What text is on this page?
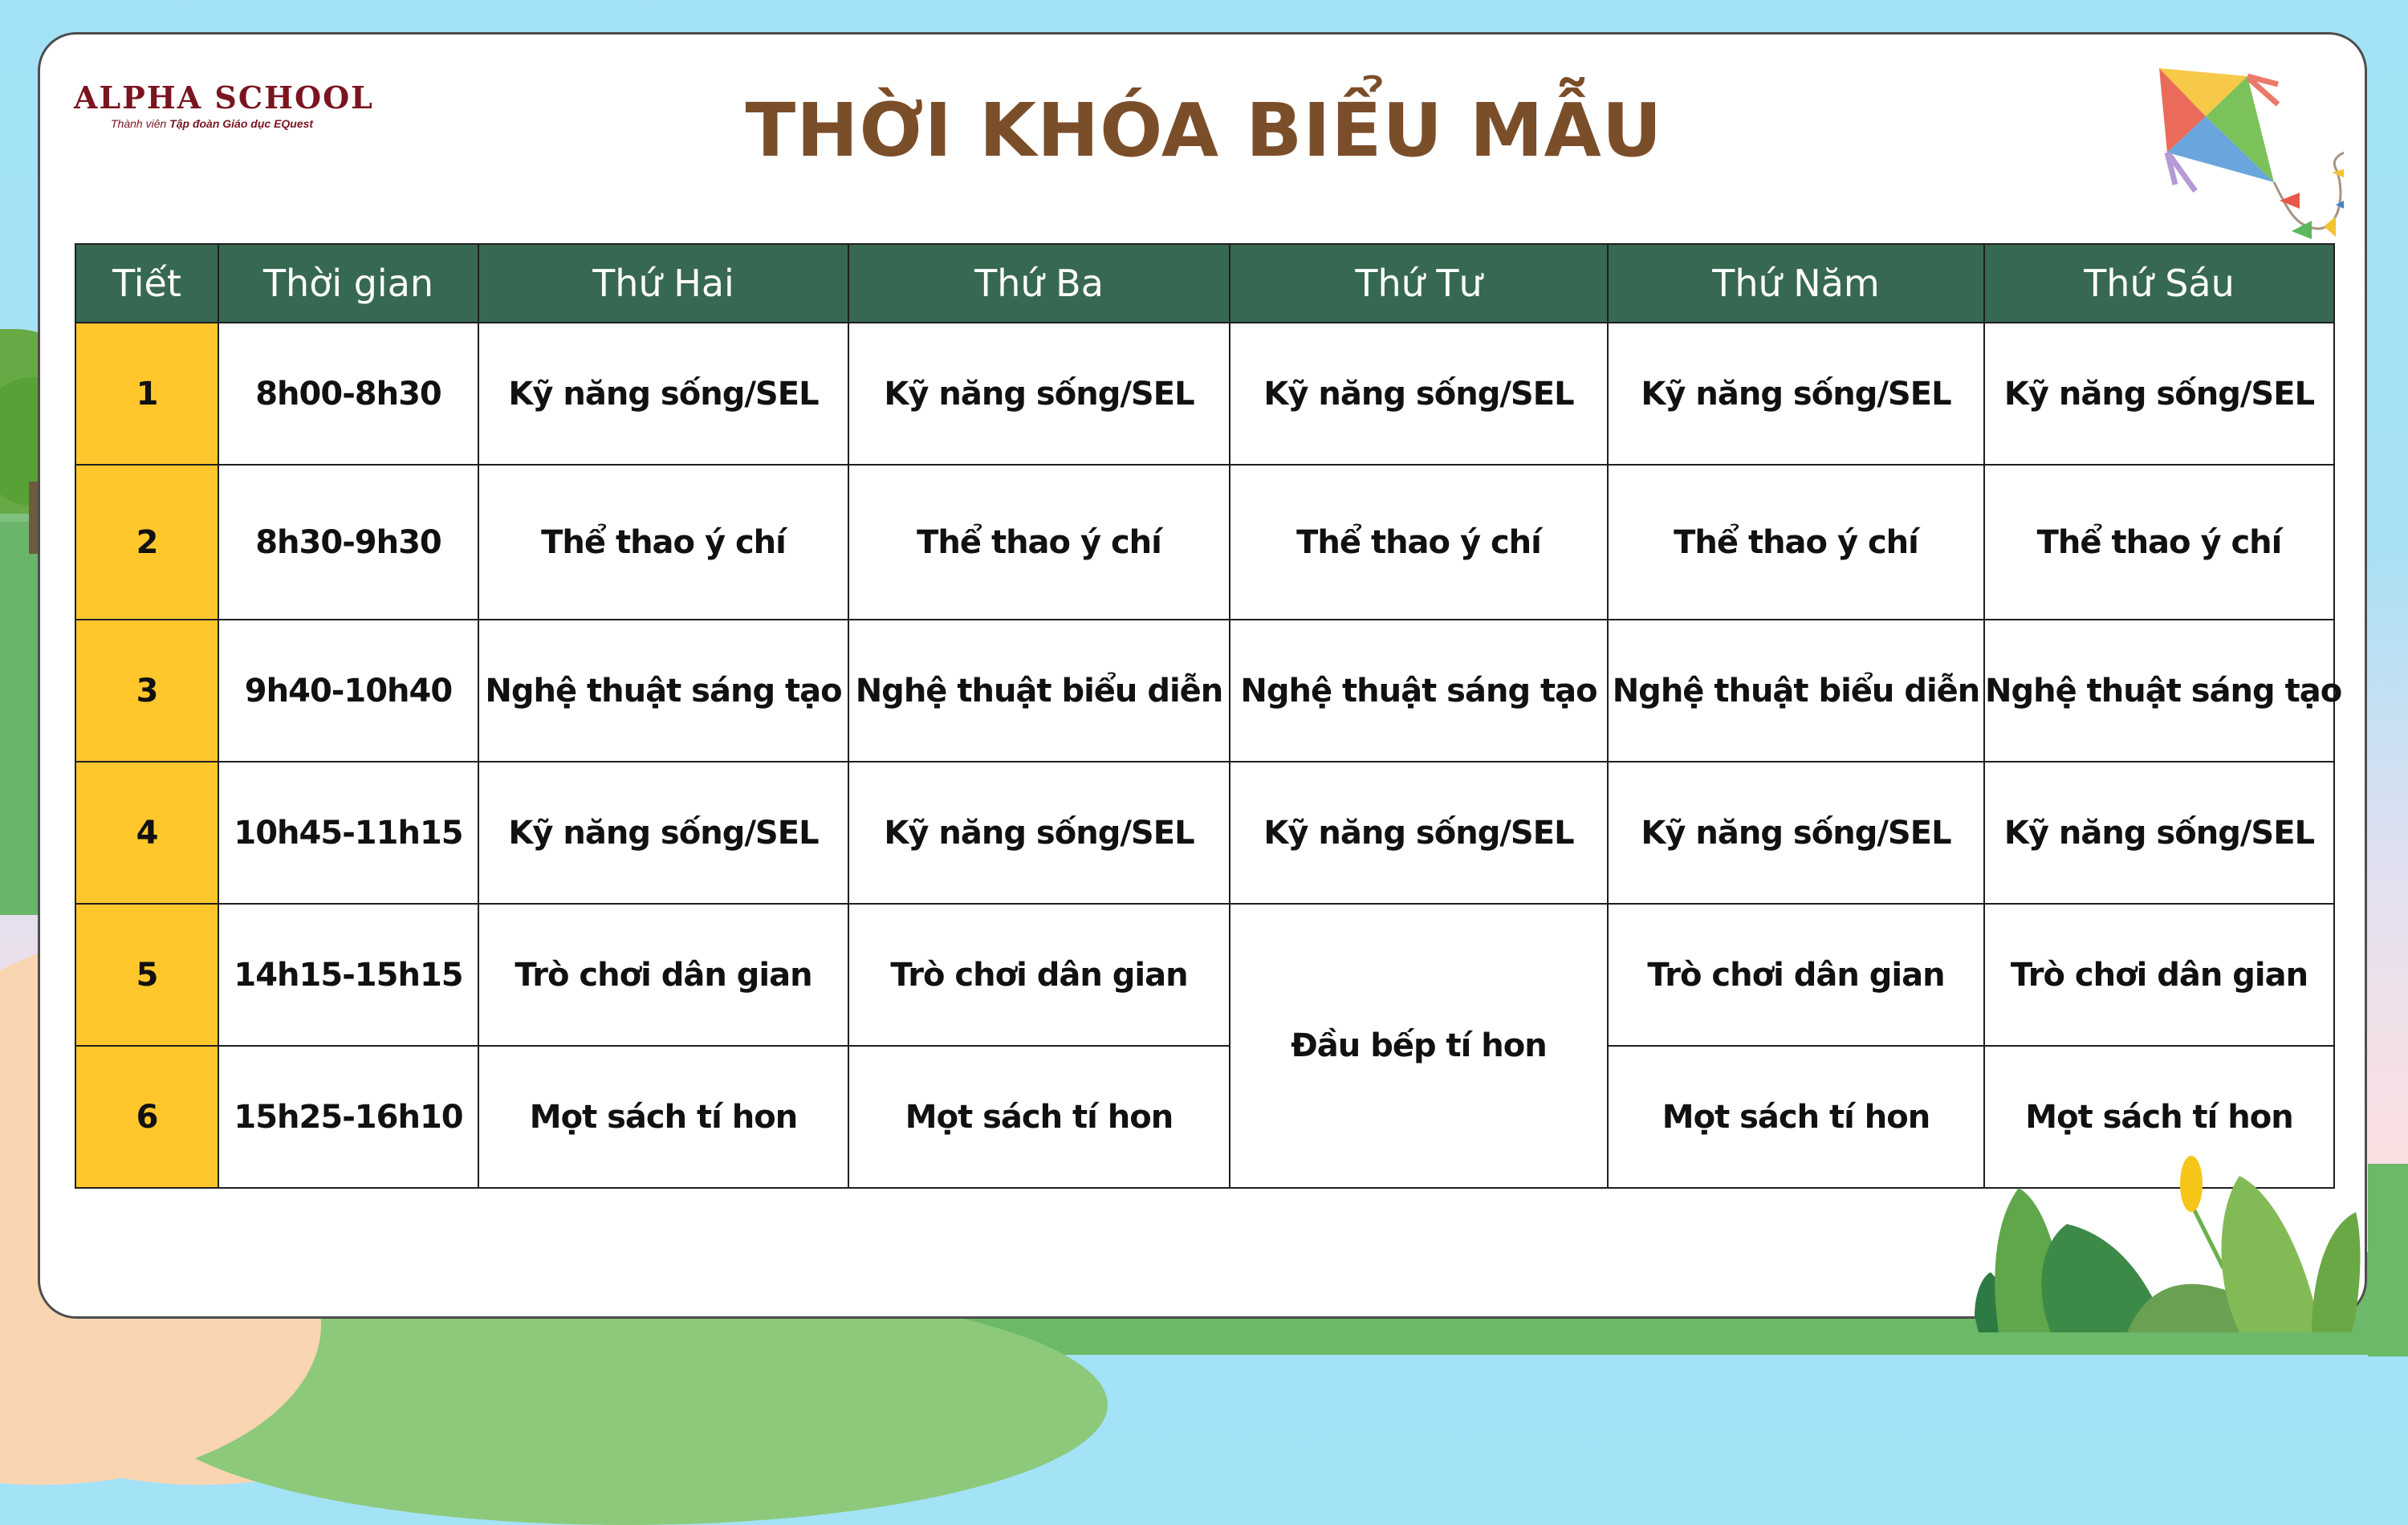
ALPHA SCHOOL
Thành viên Tập đoàn Giáo dục EQuest	THỜI KHÓA BIỂU MẪU
Tiết	Thời gian	Thứ Hai	Thứ Ba	Thứ Tư	Thứ Năm	Thứ Sáu
1	8h00-8h30	Kỹ năng sống/SEL	Kỹ năng sống/SEL	Kỹ năng sống/SEL	Kỹ năng sống/SEL	Kỹ năng sống/SEL
2	8h30-9h30	Thể thao ý chí	Thể thao ý chí	Thể thao ý chí	Thể thao ý chí	Thể thao ý chí
3	9h40-10h40	Nghệ thuật sáng tạo	Nghệ thuật biểu diễn	Nghệ thuật sáng tạo	Nghệ thuật biểu diễn	Nghệ thuật sáng tạo
4	10h45-11h15	Kỹ năng sống/SEL	Kỹ năng sống/SEL	Kỹ năng sống/SEL	Kỹ năng sống/SEL	Kỹ năng sống/SEL
5	14h15-15h15	Trò chơi dân gian	Trò chơi dân gian	Đầu bếp tí hon	Trò chơi dân gian	Trò chơi dân gian
6	15h25-16h10	Mọt sách tí hon	Mọt sách tí hon		Mọt sách tí hon	Mọt sách tí hon
